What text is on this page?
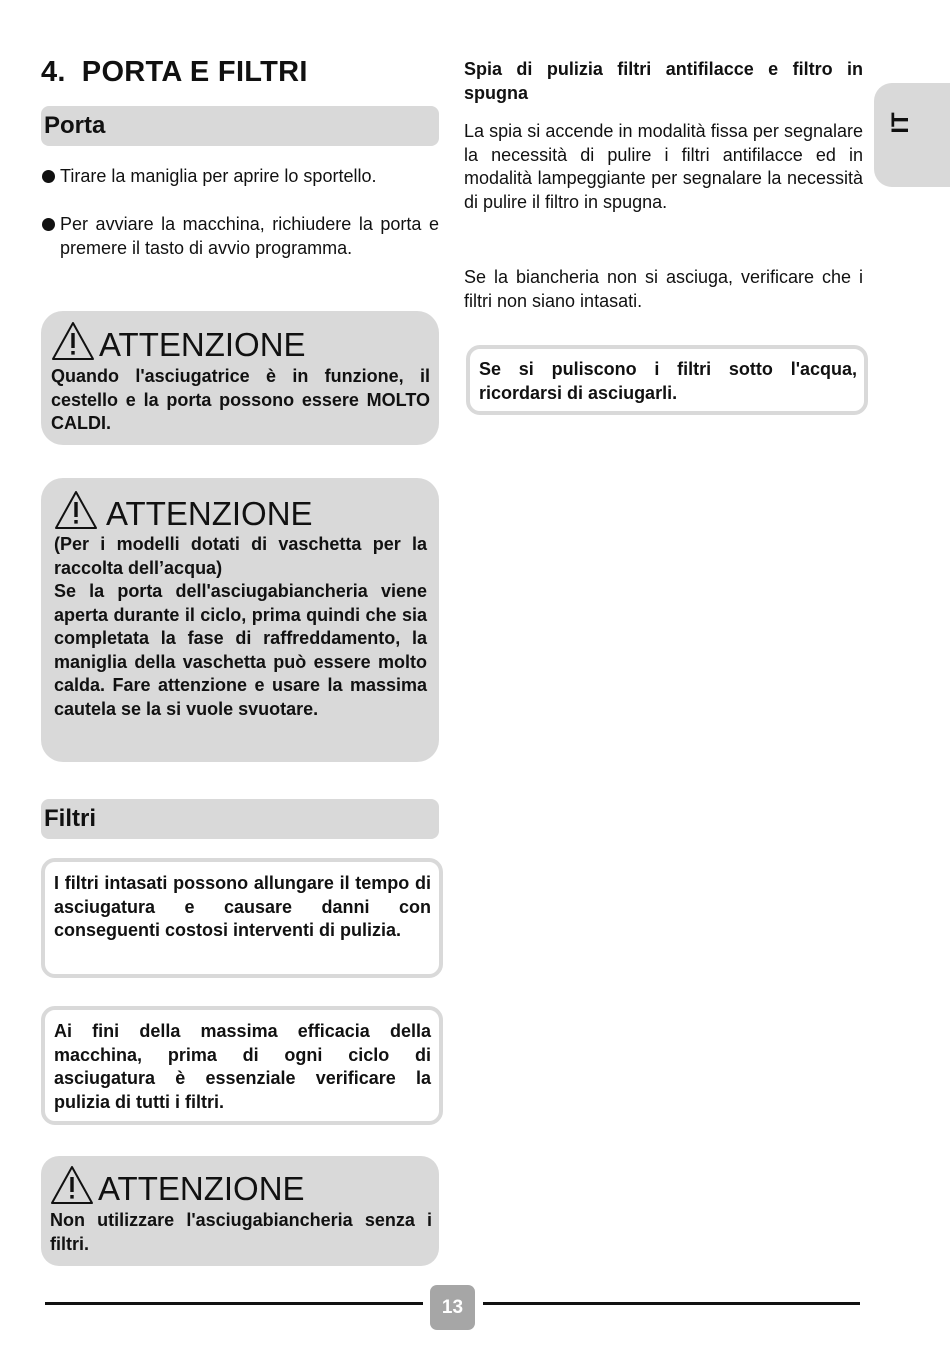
4. PORTA E FILTRI
Porta
Tirare la maniglia per aprire lo sportello.
Per avviare la macchina, richiudere la porta e premere il tasto di avvio programma.
ATTENZIONE
Quando l'asciugatrice è in funzione, il cestello e la porta possono essere MOLTO CALDI.
ATTENZIONE
(Per i modelli dotati di vaschetta per la raccolta dell’acqua)
Se la porta dell'asciugabiancheria viene aperta durante il ciclo, prima quindi che sia completata la fase di raffreddamento, la maniglia della vaschetta può essere molto calda. Fare attenzione e usare la massima cautela se la si vuole svuotare.
Filtri
I filtri intasati possono allungare il tempo di asciugatura e causare danni con conseguenti costosi interventi di pulizia.
Ai fini della massima efficacia della macchina, prima di ogni ciclo di asciugatura è essenziale verificare la pulizia di tutti i filtri.
ATTENZIONE
Non utilizzare l'asciugabiancheria senza i filtri.
Spia di pulizia filtri antifilacce e filtro in spugna
La spia si accende in modalità fissa per segnalare la necessità di pulire i filtri antifilacce ed in modalità lampeggiante per segnalare la necessità di pulire il filtro in spugna.
Se la biancheria non si asciuga, verificare che i filtri non siano intasati.
Se si puliscono i filtri sotto l'acqua, ricordarsi di asciugarli.
IT
13
